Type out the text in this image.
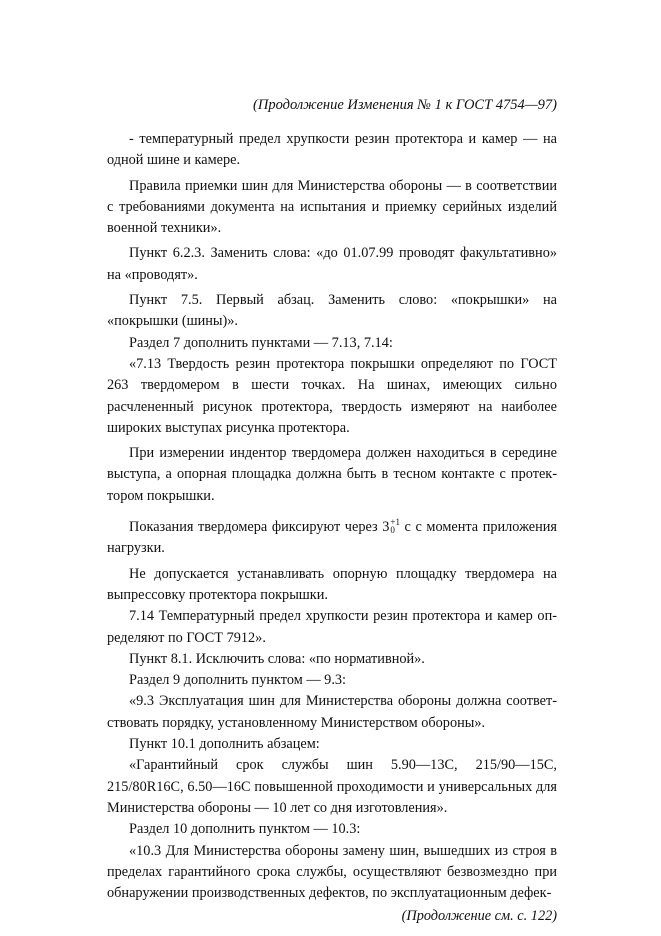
(Продолжение Изменения № 1 к ГОСТ 4754—97)

- температурный предел хрупкости резин протектора и камер — на одной шине и камере.

Правила приемки шин для Министерства обороны — в соответствии с требованиями документа на испытания и приемку серийных изделий военной техники».

Пункт 6.2.3. Заменить слова: «до 01.07.99 проводят факультативно» на «проводят».

Пункт 7.5. Первый абзац. Заменить слово: «покрышки» на «покрышки (шины)».

Раздел 7 дополнить пунктами — 7.13, 7.14:

«7.13 Твердость резин протектора покрышки определяют по ГОСТ 263 твердомером в шести точках. На шинах, имеющих сильно расчлененный рисунок протектора, твердость измеряют на наиболее широких выступах рисунка протектора.

При измерении индентор твердомера должен находиться в середине выступа, а опорная площадка должна быть в тесном контакте с протектором покрышки.

Показания твердомера фиксируют через 3 +1
0 с с момента приложения нагрузки.

Не допускается устанавливать опорную площадку твердомера на выпрессовку протектора покрышки.

7.14 Температурный предел хрупкости резин протектора и камер определяют по ГОСТ 7912».

Пункт 8.1. Исключить слова: «по нормативной».

Раздел 9 дополнить пунктом — 9.3:

«9.3 Эксплуатация шин для Министерства обороны должна соответствовать порядку, установленному Министерством обороны».

Пункт 10.1 дополнить абзацем:

«Гарантийный срок службы шин 5.90—13С, 215/90—15С, 215/80R16C, 6.50—16С повышенной проходимости и универсальных для Министерства обороны — 10 лет со дня изготовления».

Раздел 10 дополнить пунктом — 10.3:

«10.3 Для Министерства обороны замену шин, вышедших из строя в пределах гарантийного срока службы, осуществляют безвозмездно при обнаружении производственных дефектов, по эксплуатационным дефек-

(Продолжение см. с. 122)
